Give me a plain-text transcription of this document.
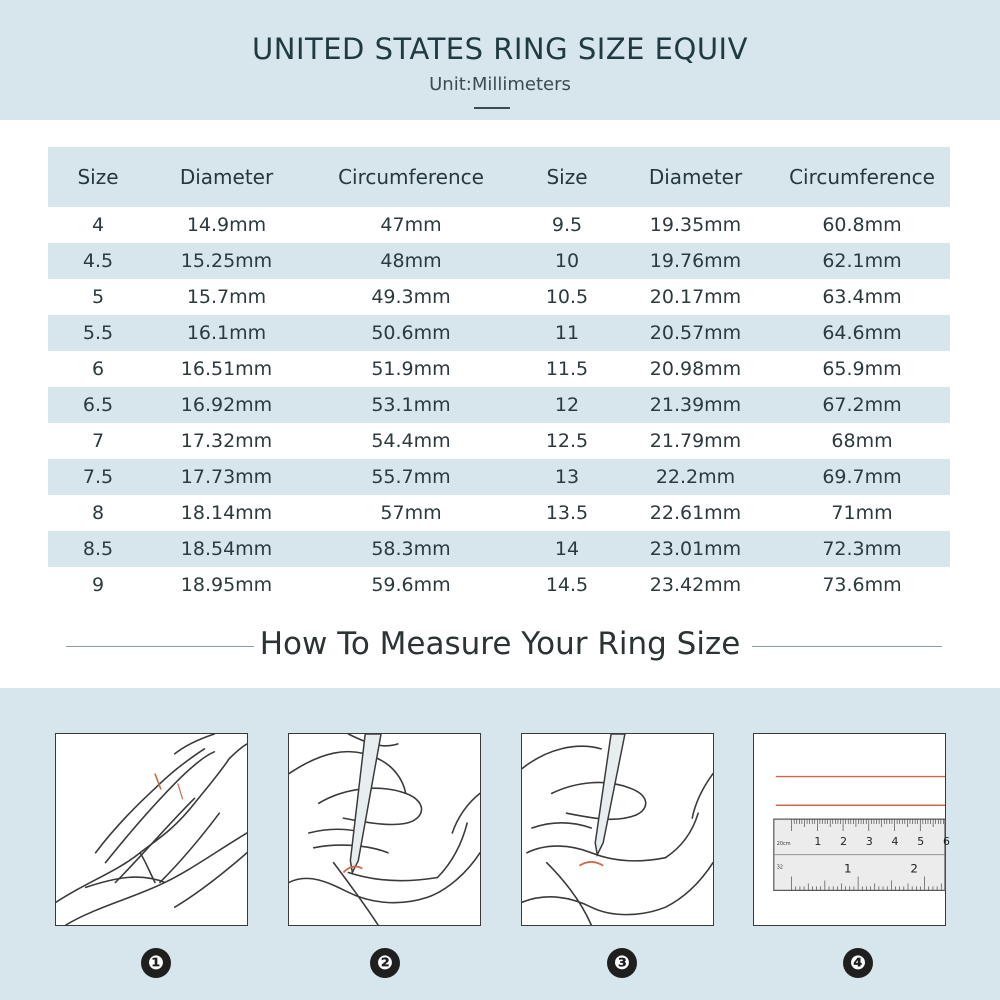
UNITED STATES RING SIZE EQUIV
Unit:Millimeters
Size	Diameter	Circumference	Size	Diameter	Circumference
4	14.9mm	47mm	9.5	19.35mm	60.8mm
4.5	15.25mm	48mm	10	19.76mm	62.1mm
5	15.7mm	49.3mm	10.5	20.17mm	63.4mm
5.5	16.1mm	50.6mm	11	20.57mm	64.6mm
6	16.51mm	51.9mm	11.5	20.98mm	65.9mm
6.5	16.92mm	53.1mm	12	21.39mm	67.2mm
7	17.32mm	54.4mm	12.5	21.79mm	68mm
7.5	17.73mm	55.7mm	13	22.2mm	69.7mm
8	18.14mm	57mm	13.5	22.61mm	71mm
8.5	18.54mm	58.3mm	14	23.01mm	72.3mm
9	18.95mm	59.6mm	14.5	23.42mm	73.6mm
How To Measure Your Ring Size
20cm
32
1 2 3 4 5 6
1	2
❶	❷	❸	❹
